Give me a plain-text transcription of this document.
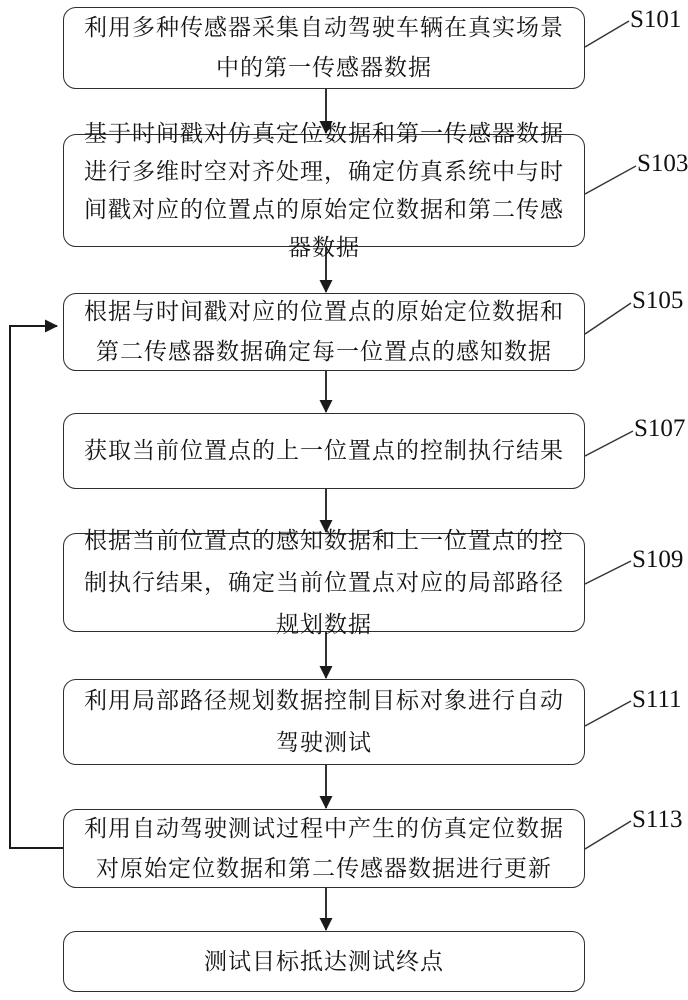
利用多种传感器采集自动驾驶车辆在真实场景中的第一传感器数据
基于时间戳对仿真定位数据和第一传感器数据进行多维时空对齐处理，确定仿真系统中与时间戳对应的位置点的原始定位数据和第二传感器数据
根据与时间戳对应的位置点的原始定位数据和第二传感器数据确定每一位置点的感知数据
获取当前位置点的上一位置点的控制执行结果
根据当前位置点的感知数据和上一位置点的控制执行结果，确定当前位置点对应的局部路径规划数据
利用局部路径规划数据控制目标对象进行自动驾驶测试
利用自动驾驶测试过程中产生的仿真定位数据对原始定位数据和第二传感器数据进行更新
测试目标抵达测试终点
S101
S103
S105
S107
S109
S111
S113
